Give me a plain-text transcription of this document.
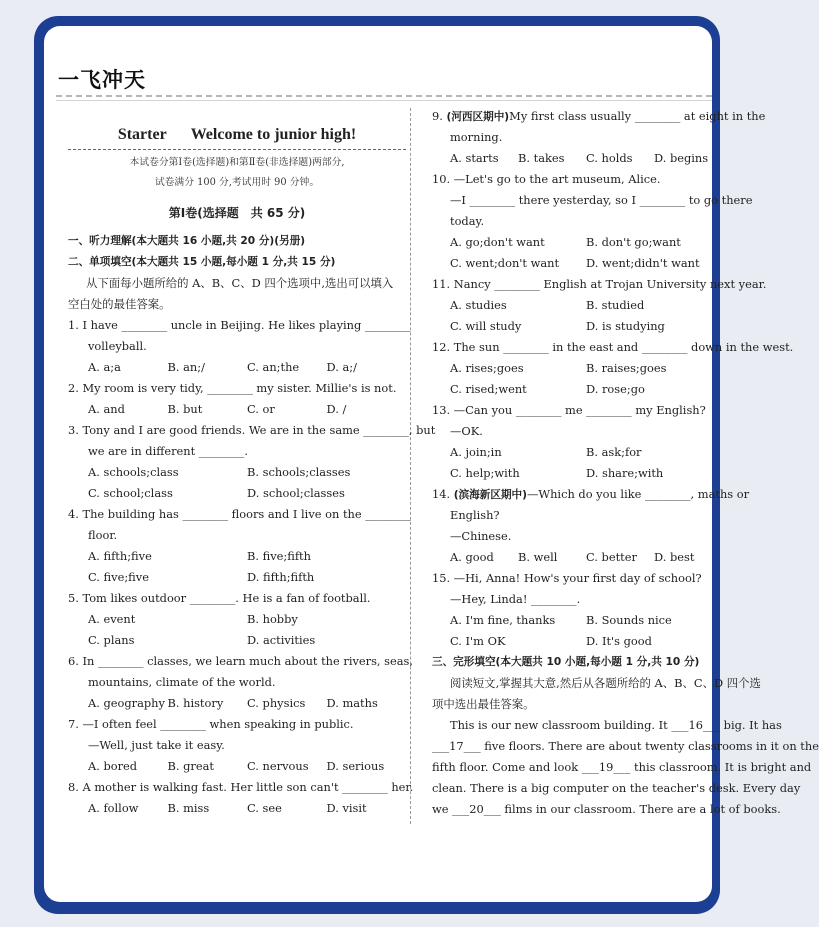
一飞冲天
Starter Welcome to junior high!
本试卷分第Ⅰ卷(选择题)和第Ⅱ卷(非选择题)两部分,
试卷满分 100 分,考试用时 90 分钟。
第Ⅰ卷(选择题　共 65 分)
一、听力理解(本大题共 16 小题,共 20 分)(另册)
二、单项填空(本大题共 15 小题,每小题 1 分,共 15 分)
从下面每小题所给的 A、B、C、D 四个选项中,选出可以填入
空白处的最佳答案。
1. I have ________ uncle in Beijing. He likes playing ________
volleyball.
A. a;a	B. an;/	C. an;the	D. a;/
2. My room is very tidy, ________ my sister. Millie's is not.
A. and	B. but	C. or	D. /
3. Tony and I are good friends. We are in the same ________, but
we are in different ________.
A. schools;class	B. schools;classes
C. school;class	D. school;classes
4. The building has ________ floors and I live on the ________
floor.
A. fifth;five	B. five;fifth
C. five;five	D. fifth;fifth
5. Tom likes outdoor ________. He is a fan of football.
A. event	B. hobby
C. plans	D. activities
6. In ________ classes, we learn much about the rivers, seas,
mountains, climate of the world.
A. geography B. history	C. physics	D. maths
7. —I often feel ________ when speaking in public.
—Well, just take it easy.
A. bored	B. great	C. nervous	D. serious
8. A mother is walking fast. Her little son can't ________ her.
A. follow	B. miss	C. see	D. visit
9. (河西区期中)My first class usually ________ at eight in the
morning.
A. starts	B. takes	C. holds	D. begins
10. —Let's go to the art museum, Alice.
—I ________ there yesterday, so I ________ to go there
today.
A. go;don't want	B. don't go;want
C. went;don't want	D. went;didn't want
11. Nancy ________ English at Trojan University next year.
A. studies	B. studied
C. will study	D. is studying
12. The sun ________ in the east and ________ down in the west.
A. rises;goes	B. raises;goes
C. rised;went	D. rose;go
13. —Can you ________ me ________ my English?
—OK.
A. join;in	B. ask;for
C. help;with	D. share;with
14. (滨海新区期中)—Which do you like ________, maths or
English?
—Chinese.
A. good	B. well	C. better	D. best
15. —Hi, Anna! How's your first day of school?
—Hey, Linda! ________.
A. I'm fine, thanks	B. Sounds nice
C. I'm OK	D. It's good
三、完形填空(本大题共 10 小题,每小题 1 分,共 10 分)
阅读短文,掌握其大意,然后从各题所给的 A、B、C、D 四个选
项中选出最佳答案。
This is our new classroom building. It ___16___ big. It has
___17___ five floors. There are about twenty classrooms in it on the
fifth floor. Come and look ___19___ this classroom. It is bright and
clean. There is a big computer on the teacher's desk. Every day
we ___20___ films in our classroom. There are a lot of books.
